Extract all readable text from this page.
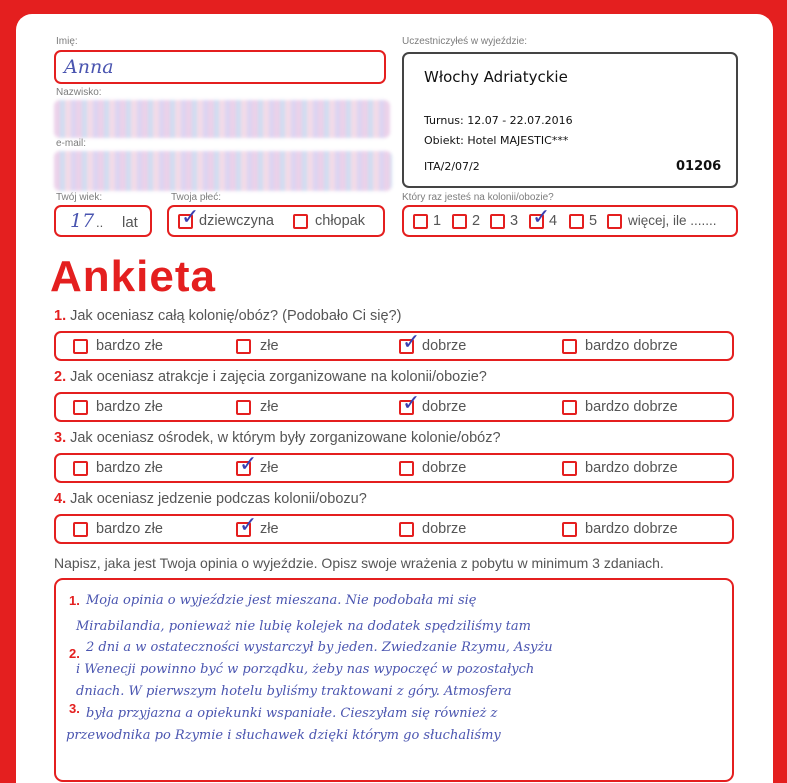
Imię:
Anna
Nazwisko:
e-mail:
Twój wiek:
17 .. lat
Twoja płeć:
✓ dziewczyna	chłopak
Uczestniczyłeś w wyjeździe:
Włochy Adriatyckie
Turnus: 12.07 - 22.07.2016
Obiekt: Hotel MAJESTIC***
ITA/2/07/2	01206
Który raz jesteś na kolonii/obozie?
1 2 3 ✓
4 5 więcej, ile .......
Ankieta
1. Jak oceniasz całą kolonię/obóz? (Podobało Ci się?)
bardzo złe	złe	✓ dobrze	bardzo dobrze
2. Jak oceniasz atrakcje i zajęcia zorganizowane na kolonii/obozie?
bardzo złe	złe	✓ dobrze	bardzo dobrze
3. Jak oceniasz ośrodek, w którym były zorganizowane kolonie/obóz?
bardzo złe	✓ złe	dobrze	bardzo dobrze
4. Jak oceniasz jedzenie podczas kolonii/obozu?
bardzo złe	✓ złe	dobrze	bardzo dobrze
Napisz, jaka jest Twoja opinia o wyjeździe. Opisz swoje wrażenia z pobytu w minimum 3 zdaniach.
1.
2.
3.
Moja opinia o wyjeździe jest mieszana. Nie podobała mi się
Mirabilandia, ponieważ nie lubię kolejek na dodatek spędziliśmy tam
2 dni a w ostateczności wystarczył by jeden. Zwiedzanie Rzymu, Asyżu
i Wenecji powinno być w porządku, żeby nas wypoczęć w pozostałych
dniach. W pierwszym hotelu byliśmy traktowani z góry. Atmosfera
była przyjazna a opiekunki wspaniałe. Cieszyłam się również z
przewodnika po Rzymie i słuchawek dzięki którym go słuchaliśmy
